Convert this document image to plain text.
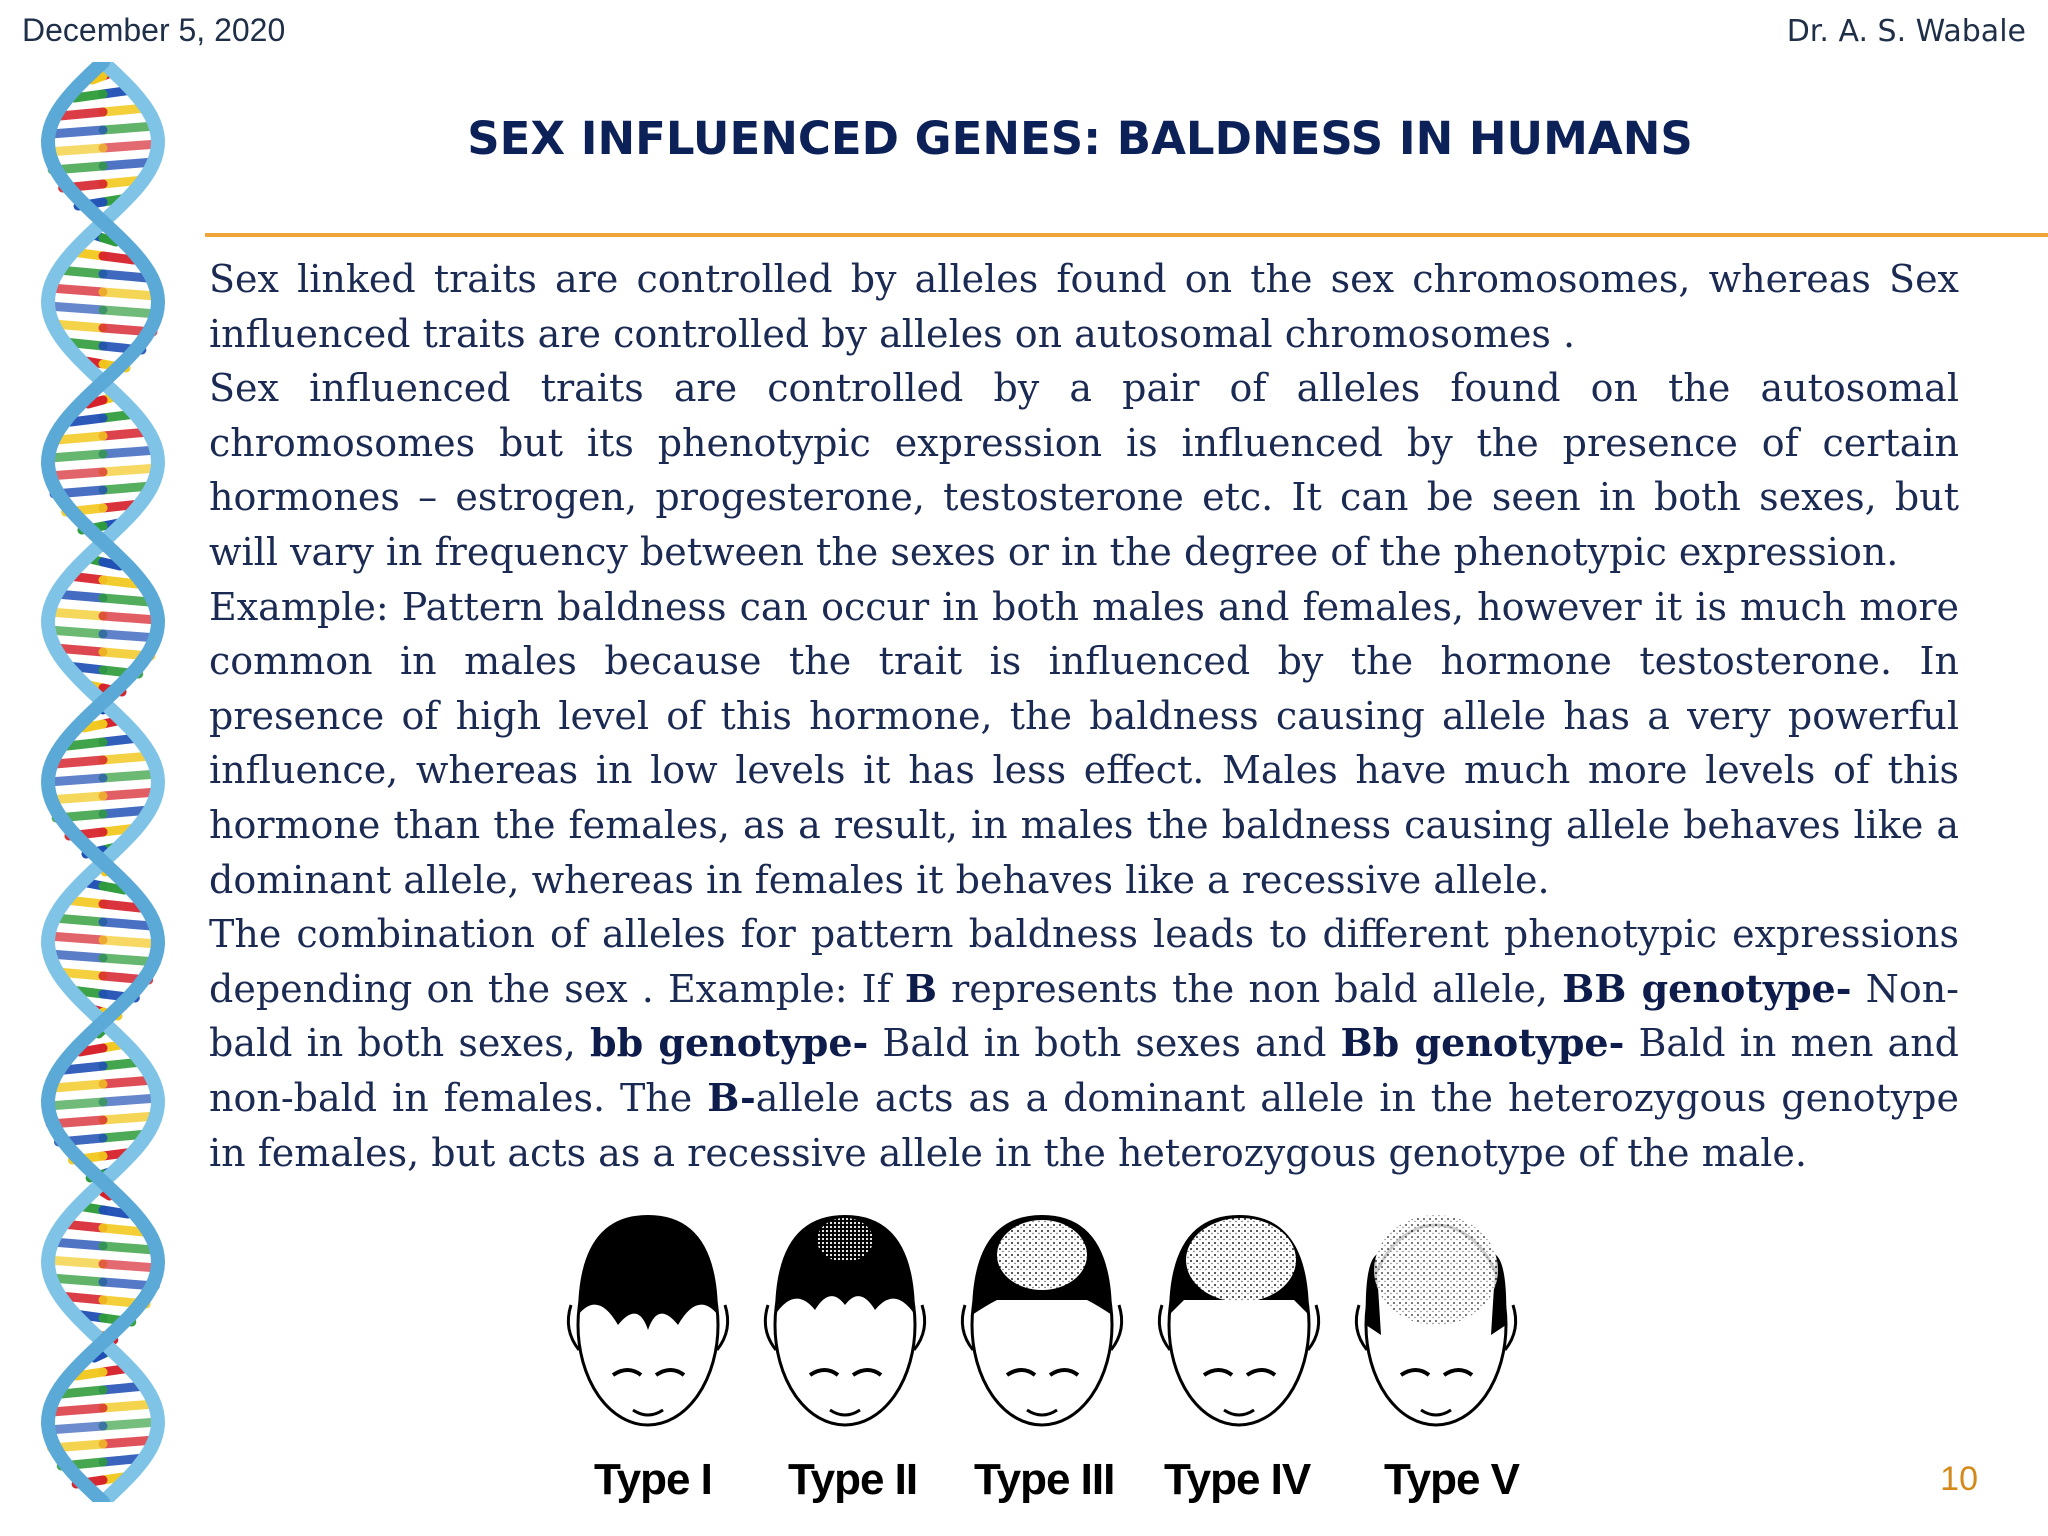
December 5, 2020	Dr. A. S. Wabale
SEX INFLUENCED GENES: BALDNESS IN HUMANS

Sex linked traits are controlled by alleles found on the sex chromosomes, whereas Sex influenced traits are controlled by alleles on autosomal chromosomes .

Sex influenced traits are controlled by a pair of alleles found on the autosomal chromosomes but its phenotypic expression is influenced by the presence of certain hormones – estrogen, progesterone, testosterone etc. It can be seen in both sexes, but will vary in frequency between the sexes or in the degree of the phenotypic expression.

Example: Pattern baldness can occur in both males and females, however it is much more common in males because the trait is influenced by the hormone testosterone. In presence of high level of this hormone, the baldness causing allele has a very powerful influence, whereas in low levels it has less effect. Males have much more levels of this hormone than the females, as a result, in males the baldness causing allele behaves like a dominant allele, whereas in females it behaves like a recessive allele.

The combination of alleles for pattern baldness leads to different phenotypic expressions depending on the sex . Example: If B represents the non bald allele, BB genotype- Non-bald in both sexes, bb genotype- Bald in both sexes and Bb genotype- Bald in men and non-bald in females. The B-allele acts as a dominant allele in the heterozygous genotype in females, but acts as a recessive allele in the heterozygous genotype of the male.

Type I Type II Type III Type IV Type V	10
